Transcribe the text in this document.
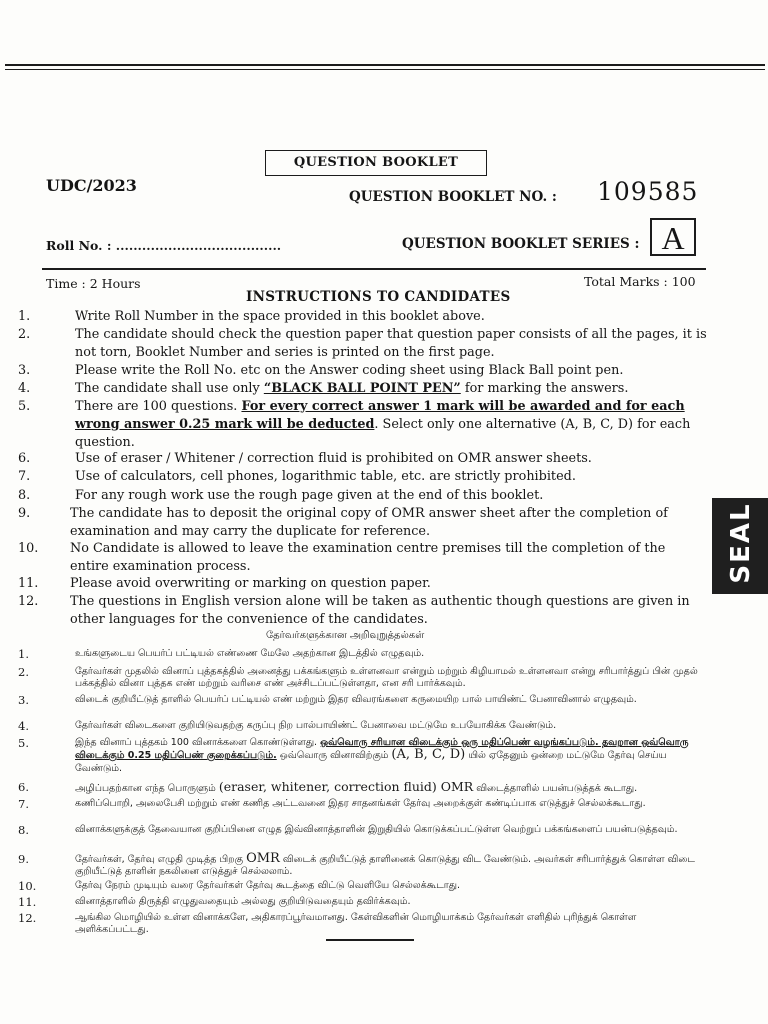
QUESTION BOOKLET
UDC/2023
QUESTION BOOKLET NO. : 109585
Roll No. : ......................................	QUESTION BOOKLET SERIES : A
Time : 2 Hours	Total Marks : 100
INSTRUCTIONS TO CANDIDATES
1.	Write Roll Number in the space provided in this booklet above.
2.	The candidate should check the question paper that question paper consists of all the pages, it is not torn, Booklet Number and series is printed on the first page.
3.	Please write the Roll No. etc on the Answer coding sheet using Black Ball point pen.
4.	The candidate shall use only “BLACK BALL POINT PEN” for marking the answers.
5.	There are 100 questions. For every correct answer 1 mark will be awarded and for each wrong answer 0.25 mark will be deducted. Select only one alternative (A, B, C, D) for each question.
6.	Use of eraser / Whitener / correction fluid is prohibited on OMR answer sheets.
7.	Use of calculators, cell phones, logarithmic table, etc. are strictly prohibited.
8.	For any rough work use the rough page given at the end of this booklet.
9.	The candidate has to deposit the original copy of OMR answer sheet after the completion of examination and may carry the duplicate for reference.
10.	No Candidate is allowed to leave the examination centre premises till the completion of the entire examination process.
11.	Please avoid overwriting or marking on question paper.
12.	The questions in English version alone will be taken as authentic though questions are given in other languages for the convenience of the candidates.
தேர்வர்களுக்கான அறிவுறுத்தல்கள்
1.	உங்களுடைய பெயர்ப் பட்டியல் எண்ணை மேலே அதற்கான இடத்தில் எழுதவும்.
2.	தேர்வர்கள் முதலில் வினாப் புத்தகத்தில் அனைத்து பக்கங்களும் உள்ளனவா என்றும் மற்றும் கிழியாமல் உள்ளனவா என்று சரிபார்த்துப் பின் முதல் பக்கத்தில் வினா புத்தக எண் மற்றும் வரிசை எண் அச்சிடப்பட்டுள்ளதா, என சரி பார்க்கவும்.
3.	விடைக் குறியீட்டுத் தாளில் பெயர்ப் பட்டியல் எண் மற்றும் இதர விவரங்களை கருமையிற பால் பாயிண்ட் பேனாவினால் எழுதவும்.
4.	தேர்வர்கள் விடைகளை குறியிடுவதற்கு கருப்பு நிற பால்பாயிண்ட் பேனாவை மட்டுமே உபயோகிக்க வேண்டும்.
5.	இந்த வினாப் புத்தகம் 100 வினாக்களை கொண்டுள்ளது. ஒவ்வொரு சரியான விடைக்கும் ஒரு மதிப்பெண் வழங்கப்படும். தவறான ஒவ்வொரு விடைக்கும் 0.25 மதிப்பெண் குறைக்கப்படும். ஒவ்வொரு வினாவிற்கும் (A, B, C, D) யில் ஏதேனும் ஒன்றை மட்டுமே தேர்வு செய்ய வேண்டும்.
6.	அழிப்பதற்கான எந்த பொருளும் (eraser, whitener, correction fluid) OMR விடைத்தாளில் பயன்படுத்தக் கூடாது.
7.	கணிப்பொறி, அலைபேசி மற்றும் எண் கணித அட்டவனை இதர சாதனங்கள் தேர்வு அறைக்குள் கண்டிப்பாக எடுத்துச் செல்லக்கூடாது.
8.	வினாக்களுக்குத் தேவையான குறிப்பினை எழுத இவ்வினாத்தாளின் இறுதியில் கொடுக்கப்பட்டுள்ள வெற்றுப் பக்கங்களைப் பயன்படுத்தவும்.
9.	தேர்வர்கள், தேர்வு எழுதி முடித்த பிறகு OMR விடைக் குறியீட்டுத் தாளினைக் கொடுத்து விட வேண்டும். அவர்கள் சரிபார்த்துக் கொள்ள விடை குறியீட்டுத் தாளின் நகலினை எடுத்துச் செல்லலாம்.
10.	தேர்வு நேரம் முடியும் வரை தேர்வர்கள் தேர்வு கூடத்தை விட்டு வெளியே செல்லக்கூடாது.
11.	வினாத்தாளில் திருத்தி எழுதுவதையும் அல்லது குறியிடுவதையும் தவிர்க்கவும்.
12.	ஆங்கில மொழியில் உள்ள வினாக்களே, அதிகாரப்பூர்வமானது. கேள்விகளின் மொழியாக்கம் தேர்வர்கள் எளிதில் புரிந்துக் கொள்ள அளிக்கப்பட்டது.
SEAL
